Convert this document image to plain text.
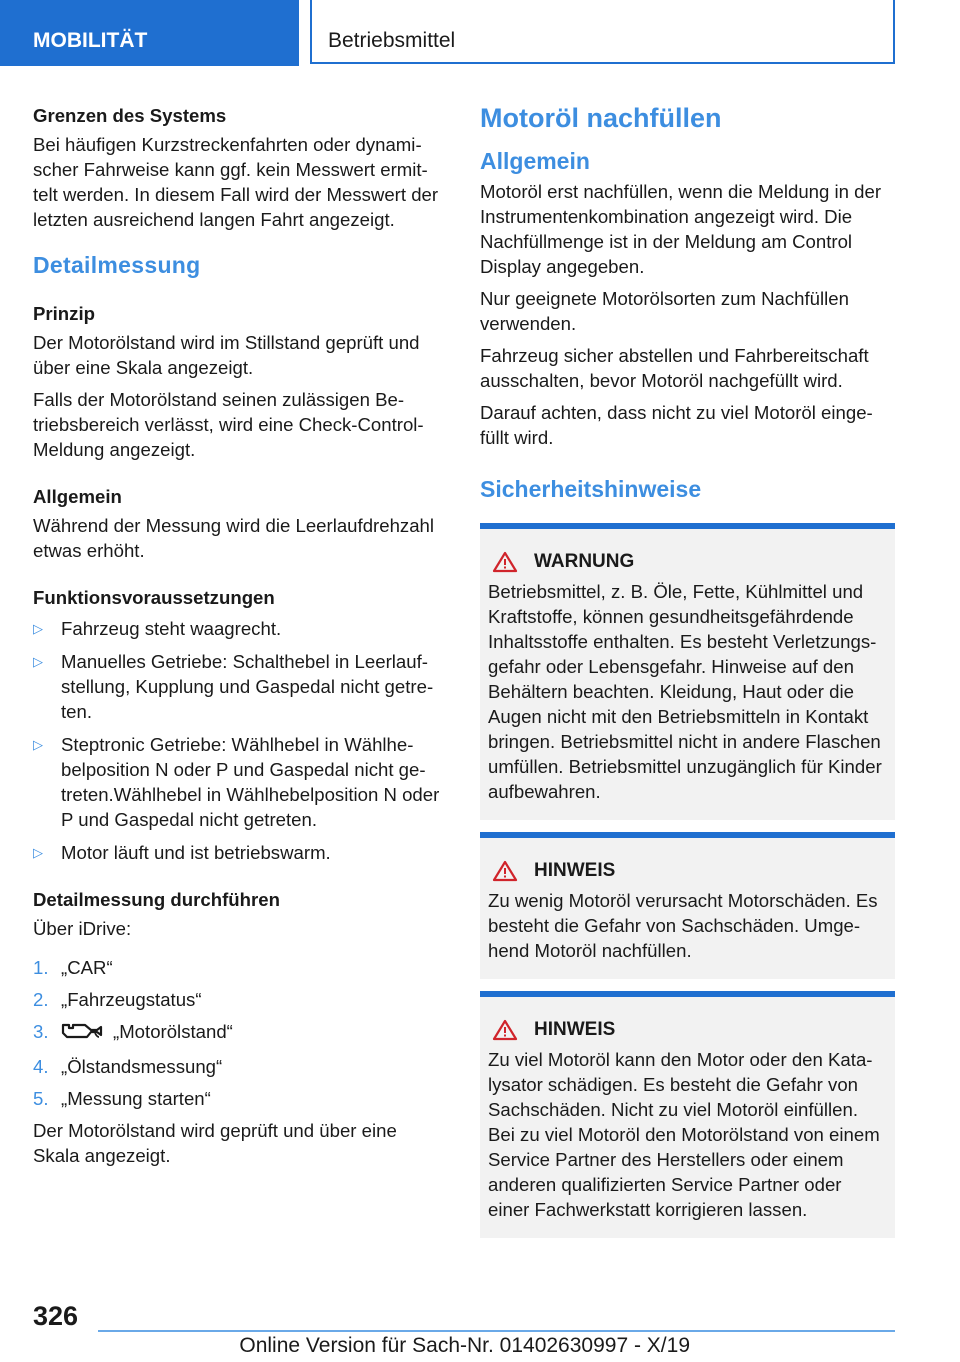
MOBILITÄT	Betriebsmittel
Grenzen des Systems

Bei häufigen Kurzstreckenfahrten oder dynamischer Fahrweise kann ggf. kein Messwert ermittelt werden. In diesem Fall wird der Messwert der letzten ausreichend langen Fahrt angezeigt.

Detailmessung
Prinzip

Der Motorölstand wird im Stillstand geprüft und über eine Skala angezeigt.

Falls der Motorölstand seinen zulässigen Betriebsbereich verlässt, wird eine Check-Control-Meldung angezeigt.

Allgemein

Während der Messung wird die Leerlaufdrehzahl etwas erhöht.

Funktionsvoraussetzungen
▷ Fahrzeug steht waagrecht.
▷ Manuelles Getriebe: Schalthebel in Leerlaufstellung, Kupplung und Gaspedal nicht getreten.
▷ Steptronic Getriebe: Wählhebel in Wählhebelposition N oder P und Gaspedal nicht getreten.Wählhebel in Wählhebelposition N oder P und Gaspedal nicht getreten.
▷ Motor läuft und ist betriebswarm.
Detailmessung durchführen

Über iDrive:

1. „CAR“
2. „Fahrzeugstatus“
3.	„Motorölstand“
4. „Ölstandsmessung“
5. „Messung starten“

Der Motorölstand wird geprüft und über eine Skala angezeigt.

Motoröl nachfüllen
Allgemein

Motoröl erst nachfüllen, wenn die Meldung in der Instrumentenkombination angezeigt wird. Die Nachfüllmenge ist in der Meldung am Control Display angegeben.

Nur geeignete Motorölsorten zum Nachfüllen verwenden.

Fahrzeug sicher abstellen und Fahrbereitschaft ausschalten, bevor Motoröl nachgefüllt wird.

Darauf achten, dass nicht zu viel Motoröl eingefüllt wird.

Sicherheitshinweise
WARNUNG

Betriebsmittel, z. B. Öle, Fette, Kühlmittel und Kraftstoffe, können gesundheitsgefährdende Inhaltsstoffe enthalten. Es besteht Verletzungsgefahr oder Lebensgefahr. Hinweise auf den Behältern beachten. Kleidung, Haut oder die Augen nicht mit den Betriebsmitteln in Kontakt bringen. Betriebsmittel nicht in andere Flaschen umfüllen. Betriebsmittel unzugänglich für Kinder aufbewahren.

HINWEIS

Zu wenig Motoröl verursacht Motorschäden. Es besteht die Gefahr von Sachschäden. Umgehend Motoröl nachfüllen.

HINWEIS

Zu viel Motoröl kann den Motor oder den Katalysator schädigen. Es besteht die Gefahr von Sachschäden. Nicht zu viel Motoröl einfüllen. Bei zu viel Motoröl den Motorölstand von einem Service Partner des Herstellers oder einem anderen qualifizierten Service Partner oder einer Fachwerkstatt korrigieren lassen.

326
Online Version für Sach-Nr. 01402630997 - X/19
